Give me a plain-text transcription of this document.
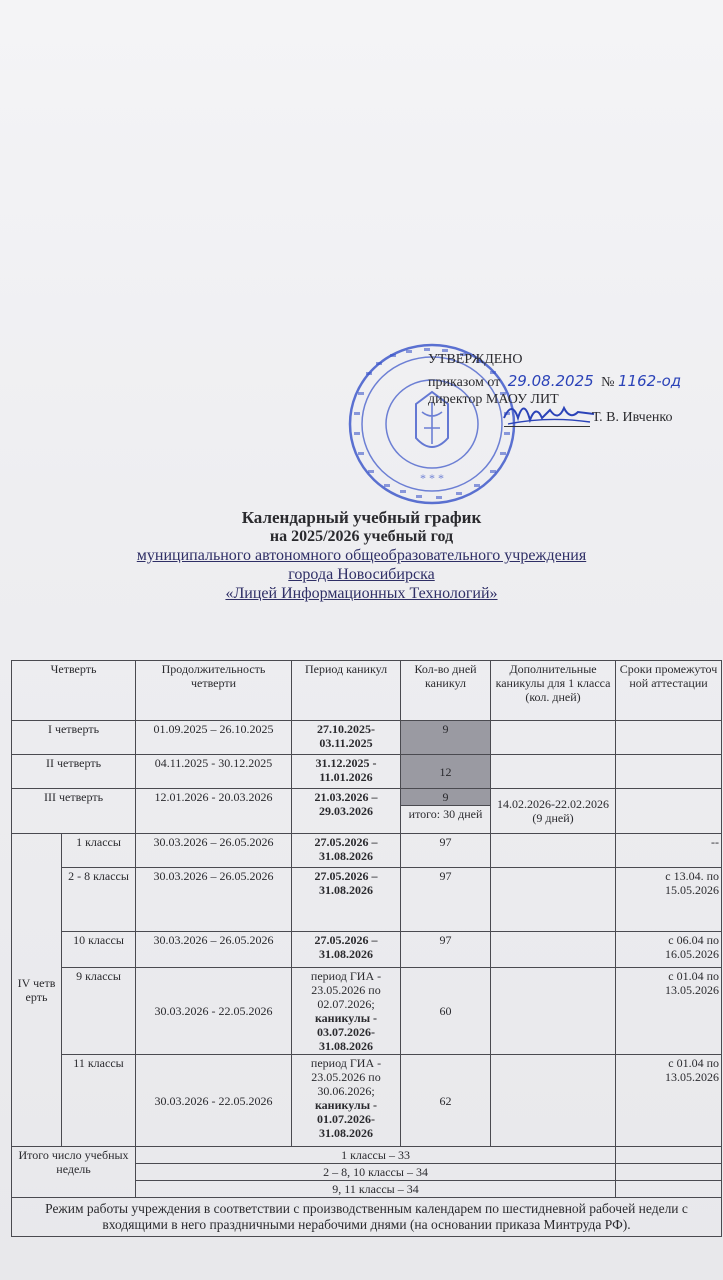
* * *
УТВЕРЖДЕНО
приказом от 29.08.2025 № 1162-од
директор МАОУ ЛИТ
Т. В. Ивченко
Календарный учебный график
на 2025/2026 учебный год
муниципального автономного общеобразовательного учреждения
города Новосибирска
«Лицей Информационных Технологий»
Четверть		Продолжительность четверти	Период каникул	Кол-во дней каникул	Дополнительные каникулы для 1 класса (кол. дней)	Сроки промежуточ ной аттестации
I четверть		01.09.2025 – 26.10.2025	27.10.2025-03.11.2025	9		
II четверть		04.11.2025 - 30.12.2025	31.12.2025 - 11.01.2026	12		
III четверть		12.01.2026 - 20.03.2026	21.03.2026 – 29.03.2026	9	14.02.2026-22.02.2026 (9 дней)	
				итого: 30 дней		
IV четв ерть	1 классы	30.03.2026 – 26.05.2026	27.05.2026 – 31.08.2026	97		--
	2 - 8 классы	30.03.2026 – 26.05.2026	27.05.2026 – 31.08.2026	97		с 13.04. по 15.05.2026
	10 классы	30.03.2026 – 26.05.2026	27.05.2026 – 31.08.2026	97		с 06.04 по 16.05.2026
	9 классы	30.03.2026 - 22.05.2026	период ГИА - 23.05.2026 по 02.07.2026;
каникулы - 03.07.2026-31.08.2026	60		с 01.04 по 13.05.2026
	11 классы	30.03.2026 - 22.05.2026	период ГИА - 23.05.2026 по 30.06.2026;
каникулы - 01.07.2026-31.08.2026	62		с 01.04 по 13.05.2026
Итого число учебных недель		1 классы – 33				
		2 – 8, 10 классы – 34				
		9, 11 классы – 34				
Режим работы учреждения в соответствии с производственным календарем по шестидневной рабочей недели с входящими в него праздничными нерабочими днями (на основании приказа Минтруда РФ).						
